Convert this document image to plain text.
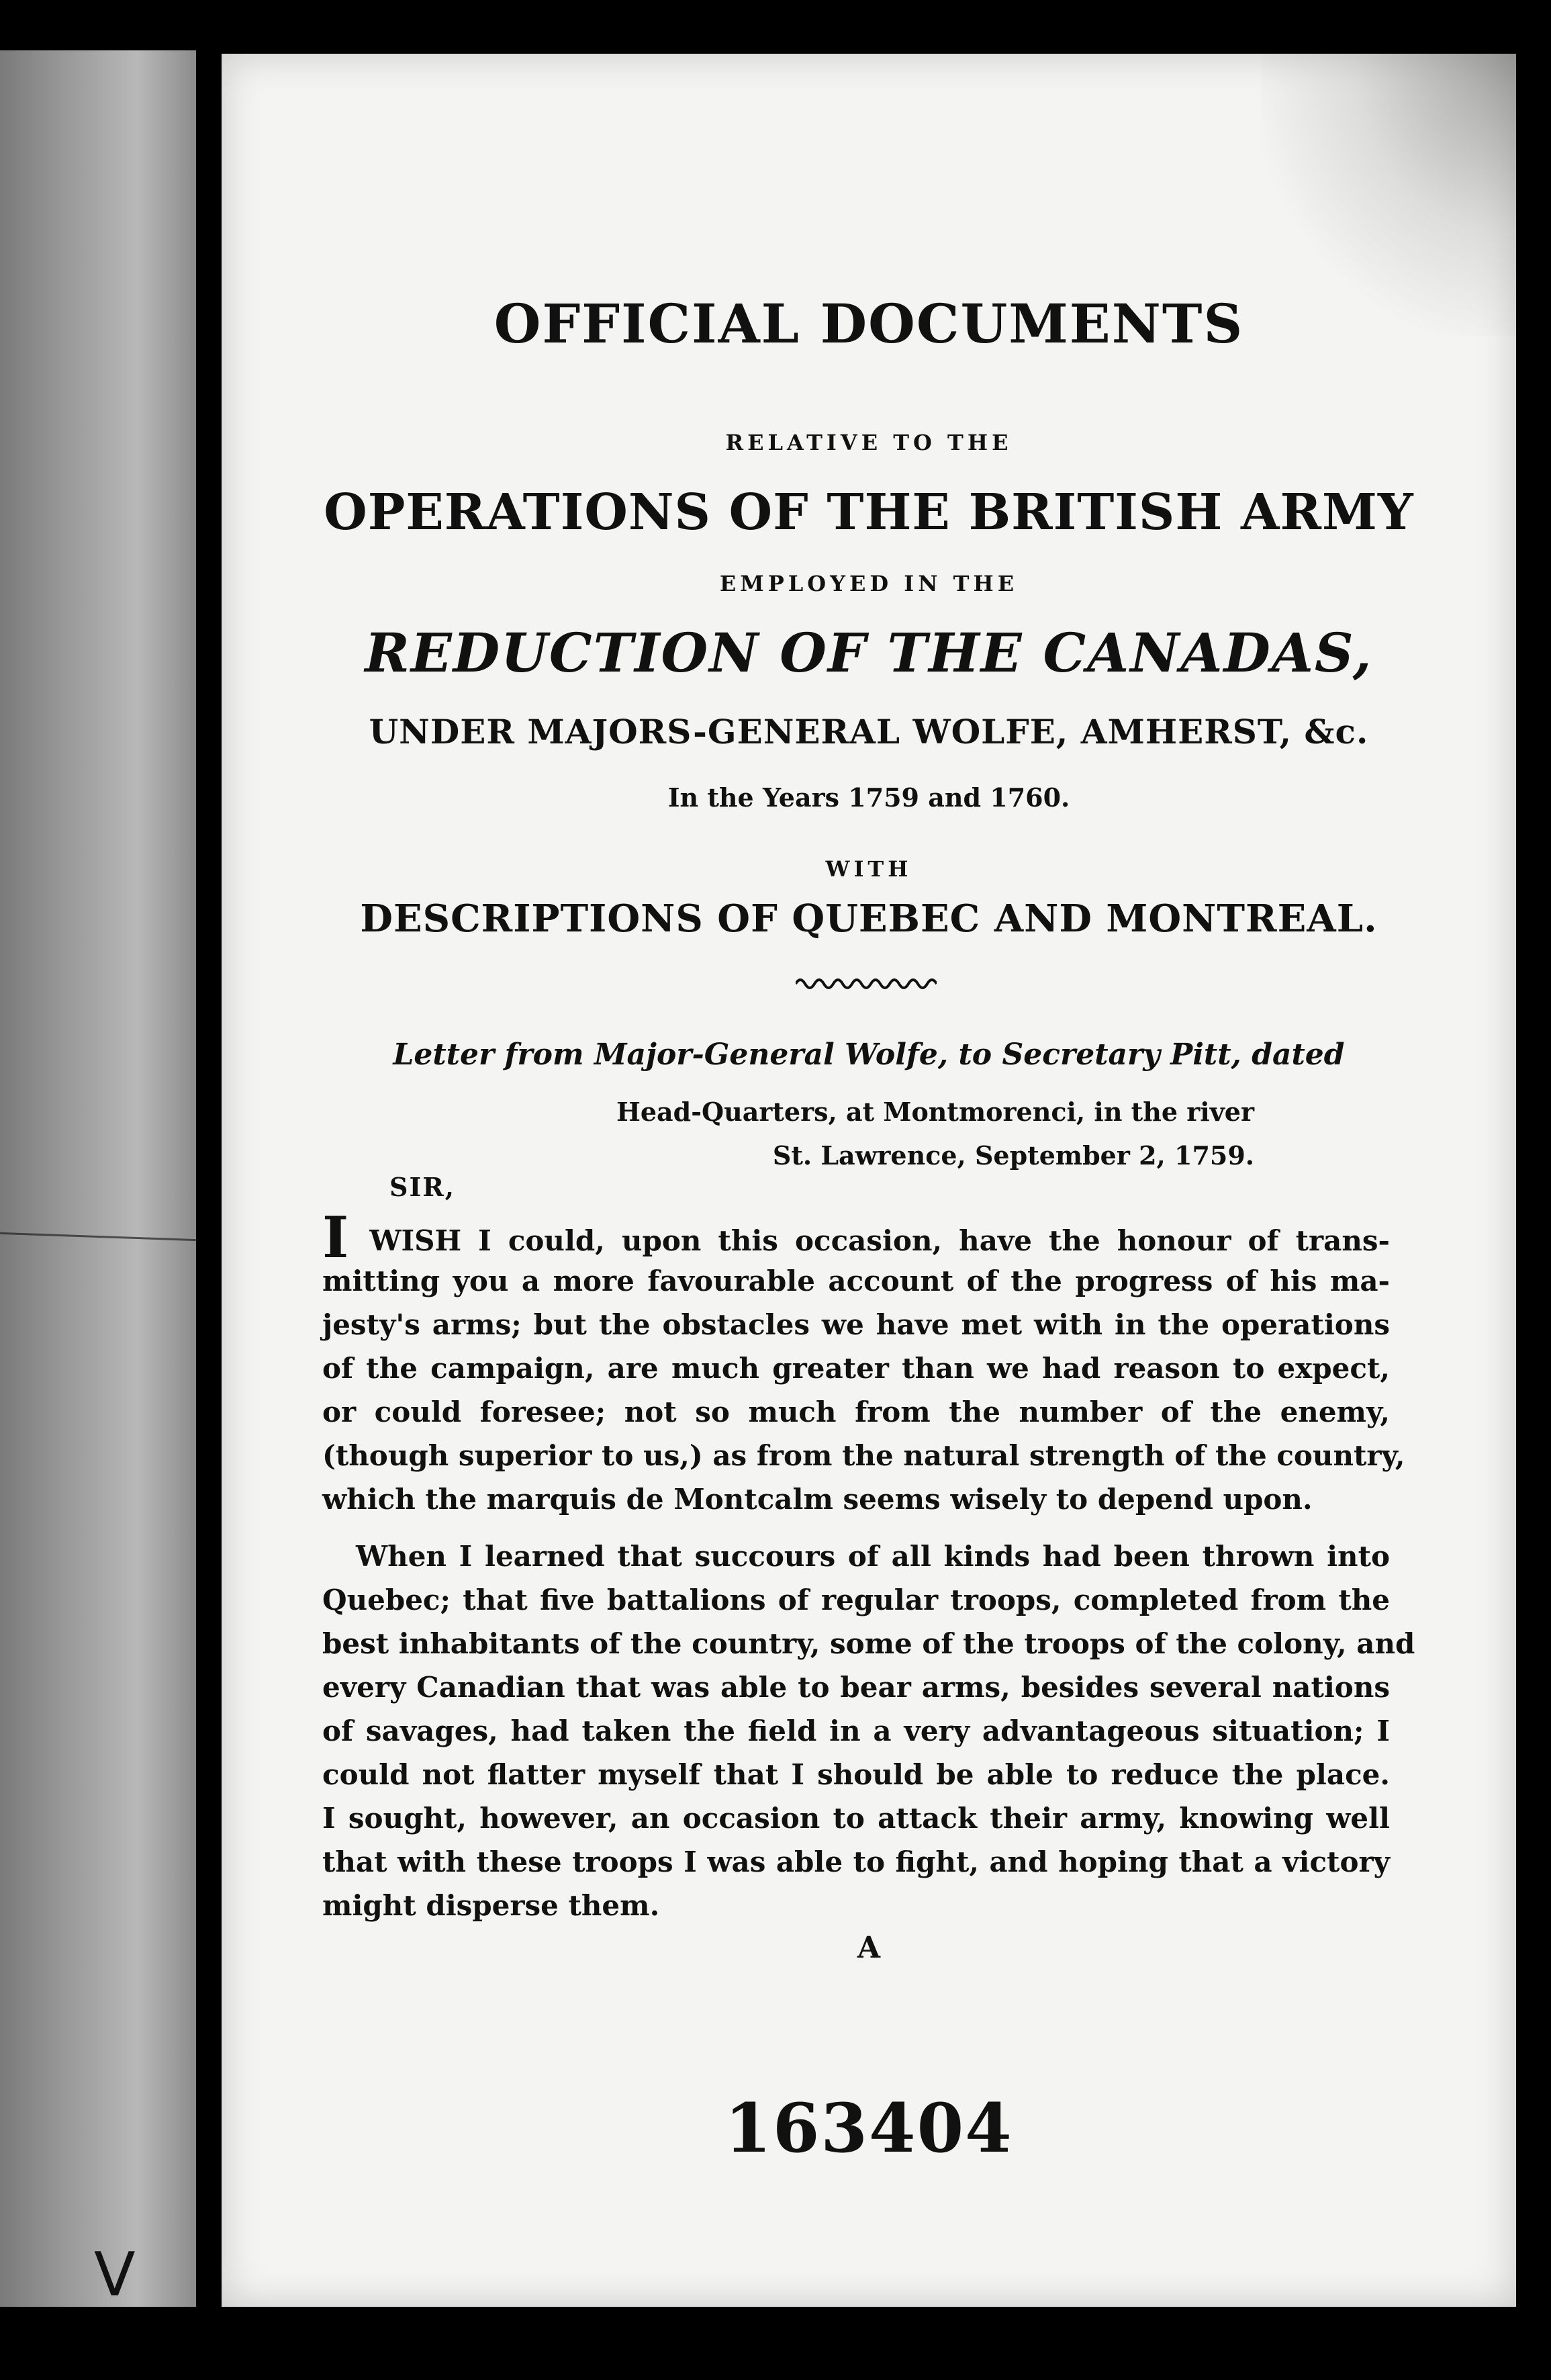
V
OFFICIAL DOCUMENTS
RELATIVE TO THE
OPERATIONS OF THE BRITISH ARMY
EMPLOYED IN THE
REDUCTION OF THE CANADAS,
UNDER MAJORS-GENERAL WOLFE, AMHERST, &c.
In the Years 1759 and 1760.
WITH
DESCRIPTIONS OF QUEBEC AND MONTREAL.
Letter from Major-General Wolfe, to Secretary Pitt, dated
Head-Quarters, at Montmorenci, in the river
St. Lawrence, September 2, 1759.
SIR,
I WISH I could, upon this occasion, have the honour of trans-
mitting you a more favourable account of the progress of his ma-
jesty's arms; but the obstacles we have met with in the operations
of the campaign, are much greater than we had reason to expect,
or could foresee; not so much from the number of the enemy,
(though superior to us,) as from the natural strength of the country,
which the marquis de Montcalm seems wisely to depend upon.
When I learned that succours of all kinds had been thrown into
Quebec; that five battalions of regular troops, completed from the
best inhabitants of the country, some of the troops of the colony, and
every Canadian that was able to bear arms, besides several nations
of savages, had taken the field in a very advantageous situation; I
could not flatter myself that I should be able to reduce the place.
I sought, however, an occasion to attack their army, knowing well
that with these troops I was able to fight, and hoping that a victory
might disperse them.
A
163404
